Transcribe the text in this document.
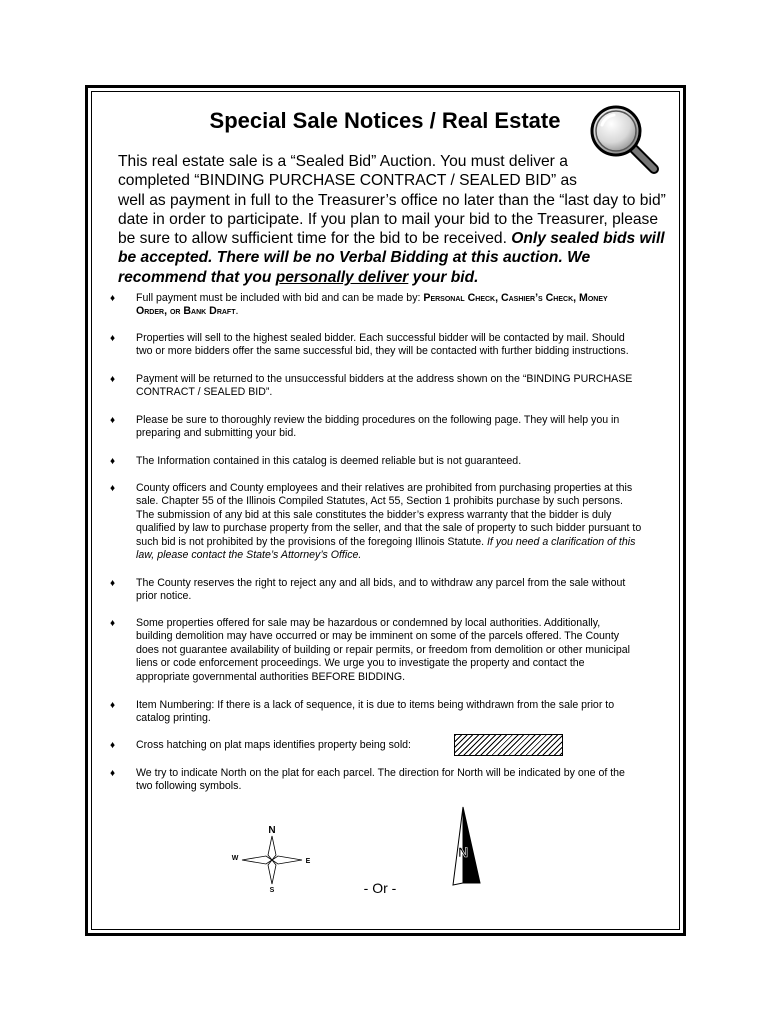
Special Sale Notices / Real Estate
This real estate sale is a “Sealed Bid” Auction. You must deliver a
completed “BINDING PURCHASE CONTRACT / SEALED BID” as
well as payment in full to the Treasurer’s office no later than the “last day to bid”
date in order to participate. If you plan to mail your bid to the Treasurer, please
be sure to allow sufficient time for the bid to be received. Only sealed bids will
be accepted. There will be no Verbal Bidding at this auction. We
recommend that you personally deliver your bid.
♦	Full payment must be included with bid and can be made by: Personal Check, Cashier’s Check, Money
Order, or Bank Draft.
♦	Properties will sell to the highest sealed bidder. Each successful bidder will be contacted by mail. Should
two or more bidders offer the same successful bid, they will be contacted with further bidding instructions.
♦	Payment will be returned to the unsuccessful bidders at the address shown on the “BINDING PURCHASE
CONTRACT / SEALED BID”.
♦	Please be sure to thoroughly review the bidding procedures on the following page. They will help you in
preparing and submitting your bid.
♦	The Information contained in this catalog is deemed reliable but is not guaranteed.
♦	County officers and County employees and their relatives are prohibited from purchasing properties at this
sale. Chapter 55 of the Illinois Compiled Statutes, Act 55, Section 1 prohibits purchase by such persons.
The submission of any bid at this sale constitutes the bidder’s express warranty that the bidder is duly
qualified by law to purchase property from the seller, and that the sale of property to such bidder pursuant to
such bid is not prohibited by the provisions of the foregoing Illinois Statute. If you need a clarification of this
law, please contact the State’s Attorney’s Office.
♦	The County reserves the right to reject any and all bids, and to withdraw any parcel from the sale without
prior notice.
♦	Some properties offered for sale may be hazardous or condemned by local authorities. Additionally,
building demolition may have occurred or may be imminent on some of the parcels offered. The County
does not guarantee availability of building or repair permits, or freedom from demolition or other municipal
liens or code enforcement proceedings. We urge you to investigate the property and contact the
appropriate governmental authorities BEFORE BIDDING.
♦	Item Numbering: If there is a lack of sequence, it is due to items being withdrawn from the sale prior to
catalog printing.
♦	Cross hatching on plat maps identifies property being sold:
♦	We try to indicate North on the plat for each parcel. The direction for North will be indicated by one of the
two following symbols.
N
S
W	E
N
- Or -
